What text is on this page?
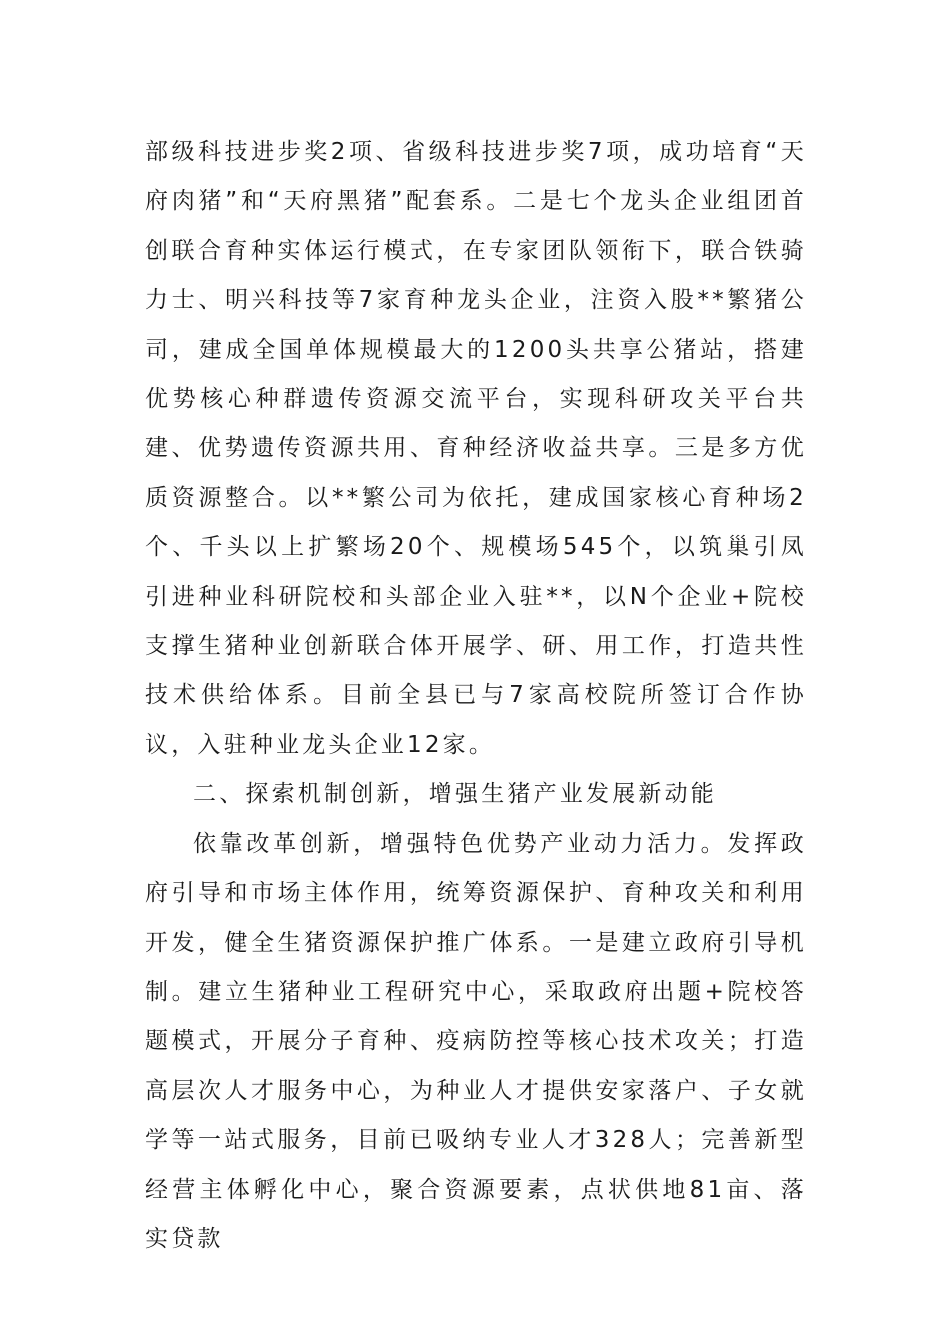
部级科技进步奖2项、省级科技进步奖7项，成功培育“天府肉猪”和“天府黑猪”配套系。二是七个龙头企业组团首创联合育种实体运行模式，在专家团队领衔下，联合铁骑力士、明兴科技等7家育种龙头企业，注资入股**繁猪公司，建成全国单体规模最大的1200头共享公猪站，搭建优势核心种群遗传资源交流平台，实现科研攻关平台共建、优势遗传资源共用、育种经济收益共享。三是多方优质资源整合。以**繁公司为依托，建成国家核心育种场2个、千头以上扩繁场20个、规模场545个，以筑巢引凤引进种业科研院校和头部企业入驻**，以N个企业+院校支撑生猪种业创新联合体开展学、研、用工作，打造共性技术供给体系。目前全县已与7家高校院所签订合作协议，入驻种业龙头企业12家。

二、探索机制创新，增强生猪产业发展新动能

依靠改革创新，增强特色优势产业动力活力。发挥政府引导和市场主体作用，统筹资源保护、育种攻关和利用开发，健全生猪资源保护推广体系。一是建立政府引导机制。建立生猪种业工程研究中心，采取政府出题+院校答题模式，开展分子育种、疫病防控等核心技术攻关；打造高层次人才服务中心，为种业人才提供安家落户、子女就学等一站式服务，目前已吸纳专业人才328人；完善新型经营主体孵化中心，聚合资源要素，点状供地81亩、落实贷款
